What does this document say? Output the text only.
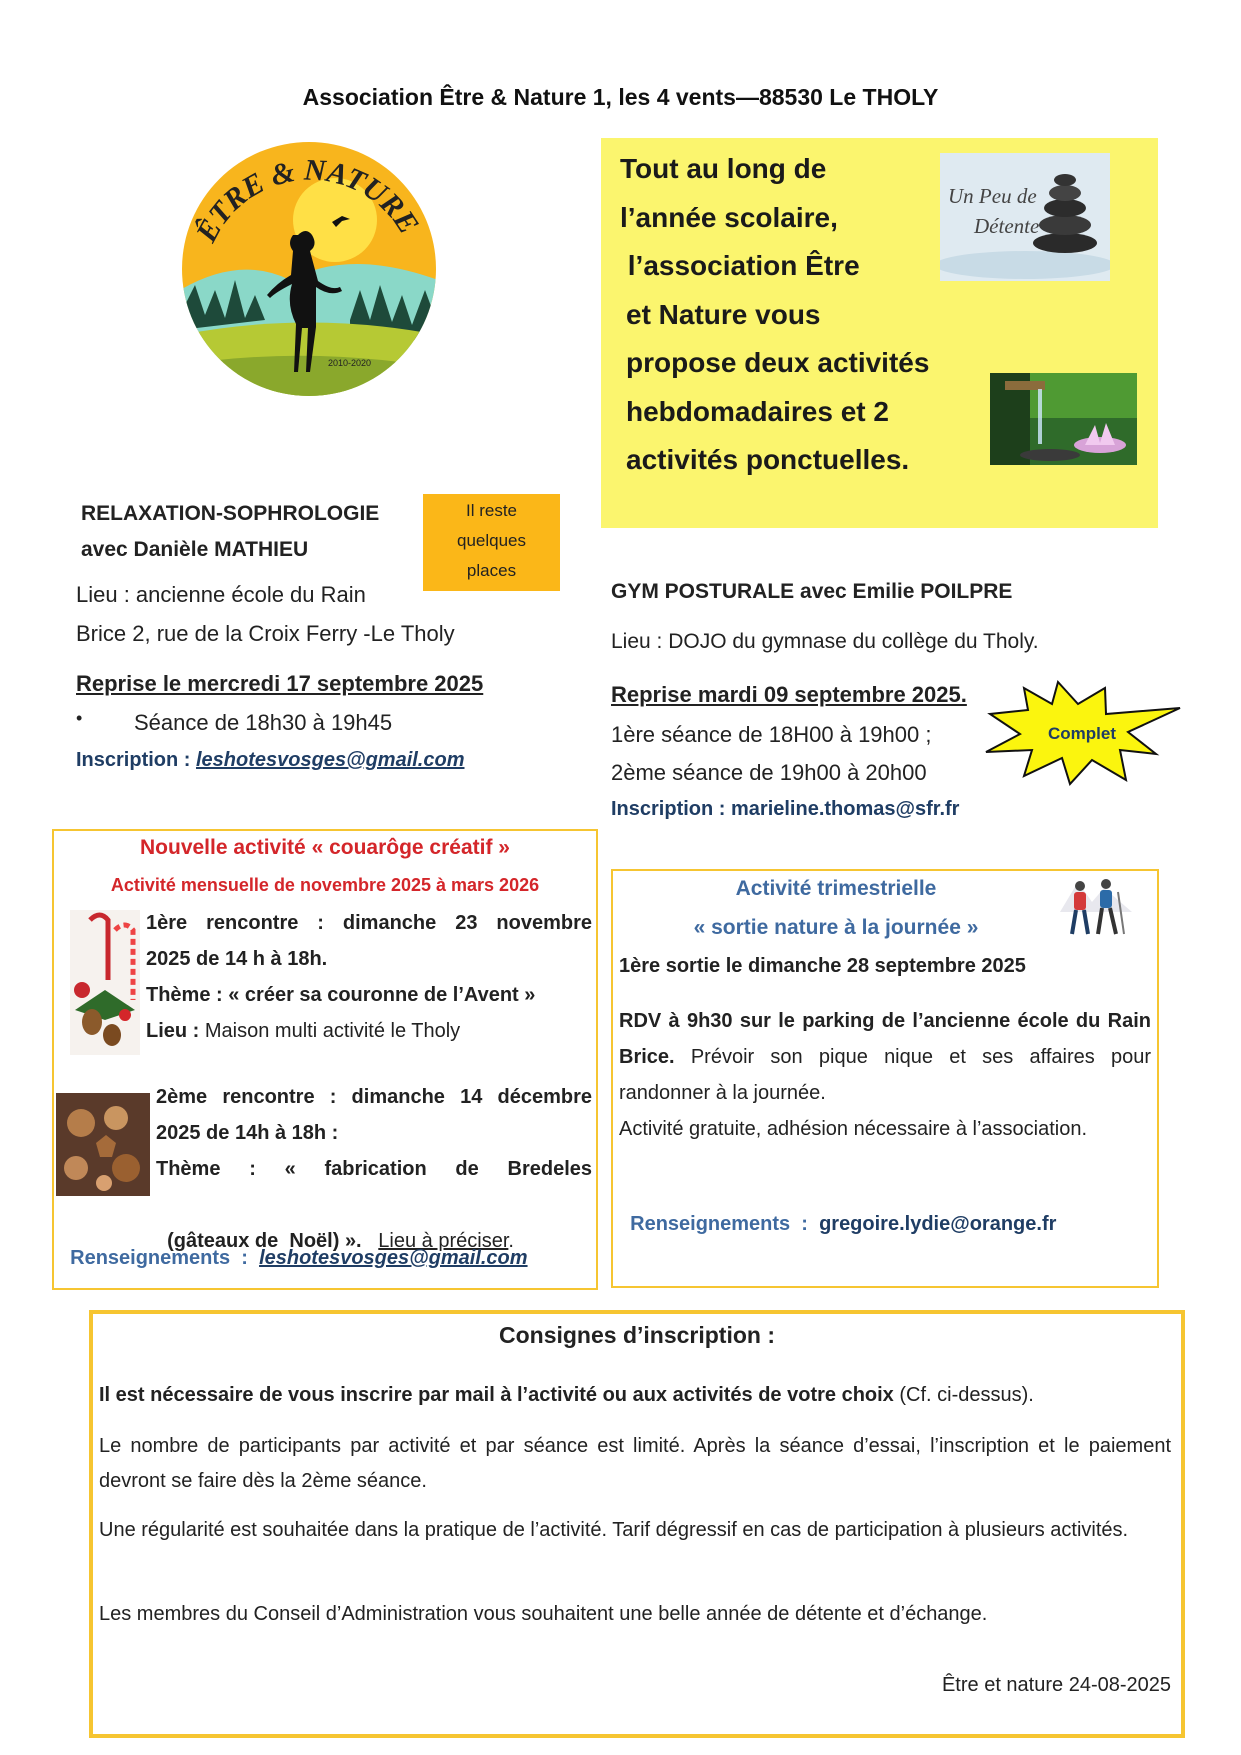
Association Être & Nature 1, les 4 vents—88530 Le THOLY
ÊTRE & NATURE
2010-2020
Tout au long de
l’année scolaire,
l’association Être
et Nature vous
propose deux activités
hebdomadaires et 2
activités ponctuelles.
Un Peu de
Détente
RELAXATION-SOPHROLOGIE
avec Danièle MATHIEU
Il reste
quelques
places
Lieu : ancienne école du Rain
Brice 2, rue de la Croix Ferry -Le Tholy
Reprise le mercredi 17 septembre 2025
• Séance de 18h30 à 19h45
Inscription : leshotesvosges@gmail.com
GYM POSTURALE avec Emilie POILPRE
Lieu : DOJO du gymnase du collège du Tholy.
Reprise mardi 09 septembre 2025.
1ère séance de 18H00 à 19h00 ;
2ème séance de 19h00 à 20h00
Complet
Inscription : marieline.thomas@sfr.fr
Nouvelle activité « couarôge créatif »
Activité mensuelle de novembre 2025 à mars 2026
1ère rencontre : dimanche 23 novembre
2025 de 14 h à 18h.
Thème : « créer sa couronne de l’Avent »
Lieu : Maison multi activité le Tholy
2ème rencontre : dimanche 14 décembre
2025 de 14h à 18h :
Thème  :  «  fabrication  de  Bredeles

(gâteaux de  Noël) ». Lieu à préciser.

Renseignements  :  leshotesvosges@gmail.com

Activité trimestrielle
« sortie nature à la journée »
1ère sortie le dimanche 28 septembre 2025
RDV à 9h30 sur le parking de l’ancienne école du Rain Brice. Prévoir son pique nique et ses affaires pour randonner à la journée.
Activité gratuite, adhésion nécessaire à l’association.

Renseignements  :  gregoire.lydie@orange.fr

Consignes d’inscription :
Il est nécessaire de vous inscrire par mail à l’activité ou aux activités de votre choix (Cf. ci-dessus).
Le nombre de participants par activité et par séance est limité. Après la séance d’essai, l’inscription et le paiement devront se faire dès la 2ème séance.
Une régularité est souhaitée dans la pratique de l’activité. Tarif dégressif en cas de participation à plusieurs activités.
Les membres du Conseil d’Administration vous souhaitent une belle année de détente et d’échange.
Être et nature 24-08-2025
